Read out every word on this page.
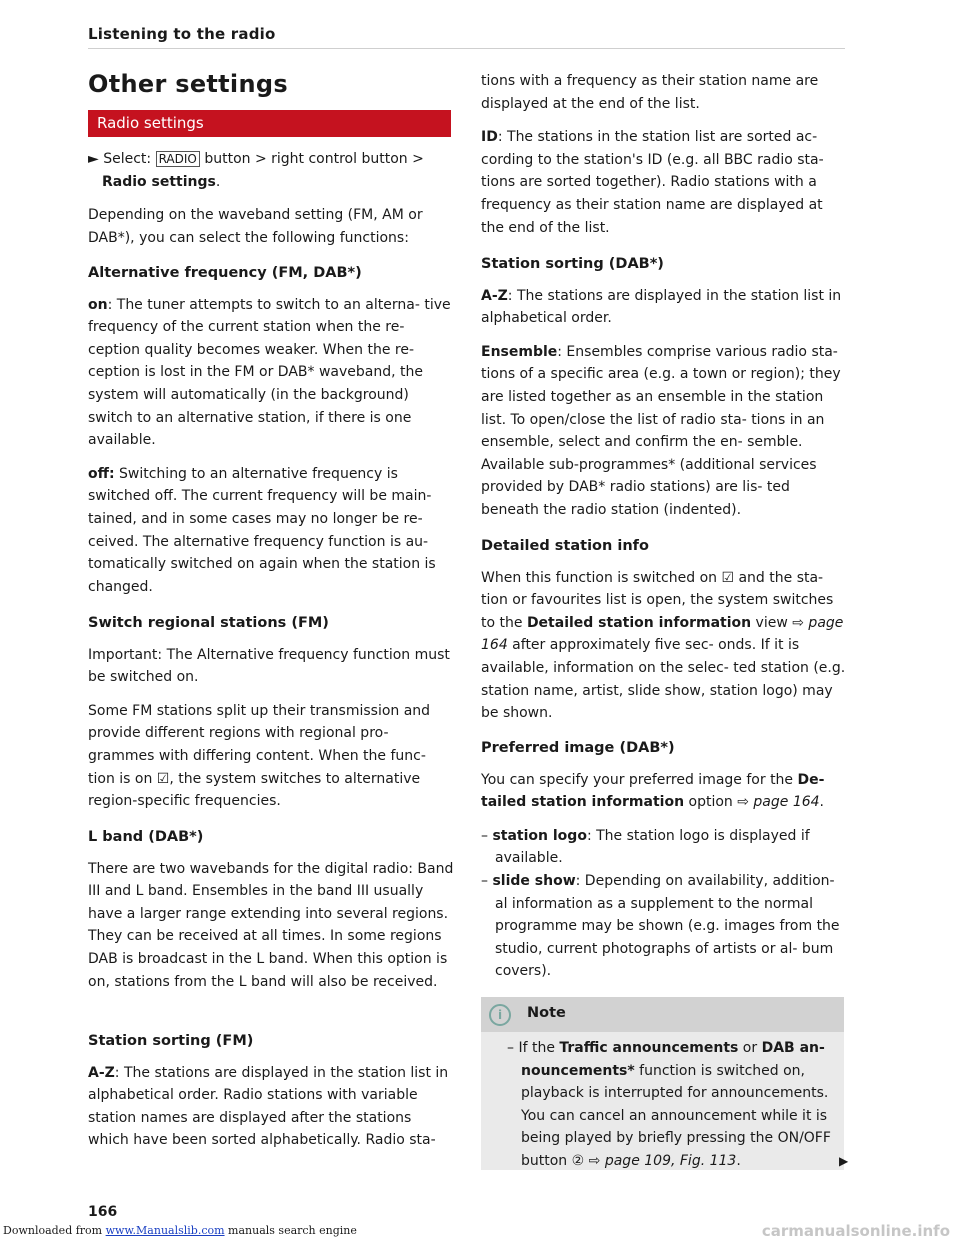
Listening to the radio
Other settings
Radio settings

► Select: RADIO button > right control button >
Radio settings.

Depending on the waveband setting (FM, AM or DAB*), you can select the following functions:

Alternative frequency (FM, DAB*)

on: The tuner attempts to switch to an alterna- tive frequency of the current station when the re- ception quality becomes weaker. When the re- ception is lost in the FM or DAB* waveband, the system will automatically (in the background) switch to an alternative station, if there is one available.

off: Switching to an alternative frequency is switched off. The current frequency will be main- tained, and in some cases may no longer be re- ceived. The alternative frequency function is au- tomatically switched on again when the station is changed.

Switch regional stations (FM)

Important: The Alternative frequency function must be switched on.

Some FM stations split up their transmission and provide different regions with regional pro- grammes with differing content. When the func- tion is on ☑, the system switches to alternative region-specific frequencies.

L band (DAB*)

There are two wavebands for the digital radio: Band III and L band. Ensembles in the band III usually have a larger range extending into several regions. They can be received at all times. In some regions DAB is broadcast in the L band. When this option is on, stations from the L band will also be received.

Station sorting (FM)

A-Z: The stations are displayed in the station list in alphabetical order. Radio stations with variable station names are displayed after the stations which have been sorted alphabetically. Radio sta-

tions with a frequency as their station name are displayed at the end of the list.

ID: The stations in the station list are sorted ac- cording to the station's ID (e.g. all BBC radio sta- tions are sorted together). Radio stations with a frequency as their station name are displayed at the end of the list.

Station sorting (DAB*)

A-Z: The stations are displayed in the station list in alphabetical order.

Ensemble: Ensembles comprise various radio sta- tions of a specific area (e.g. a town or region); they are listed together as an ensemble in the station list. To open/close the list of radio sta- tions in an ensemble, select and confirm the en- semble. Available sub-programmes* (additional services provided by DAB* radio stations) are lis- ted beneath the radio station (indented).

Detailed station info

When this function is switched on ☑ and the sta- tion or favourites list is open, the system switches to the Detailed station information view ⇨ page 164 after approximately five sec- onds. If it is available, information on the selec- ted station (e.g. station name, artist, slide show, station logo) may be shown.

Preferred image (DAB*)

You can specify your preferred image for the De- tailed station information option ⇨ page 164.

– station logo: The station logo is displayed if available.

– slide show: Depending on availability, addition- al information as a supplement to the normal programme may be shown (e.g. images from the studio, current photographs of artists or al- bum covers).

i	Note

– If the Traffic announcements or DAB an- nouncements* function is switched on, playback is interrupted for announcements. You can cancel an announcement while it is being played by briefly pressing the ON/OFF button ② ⇨ page 109, Fig. 113.	▶
166
Downloaded from www.Manualslib.com manuals search engine	carmanualsonline.info
